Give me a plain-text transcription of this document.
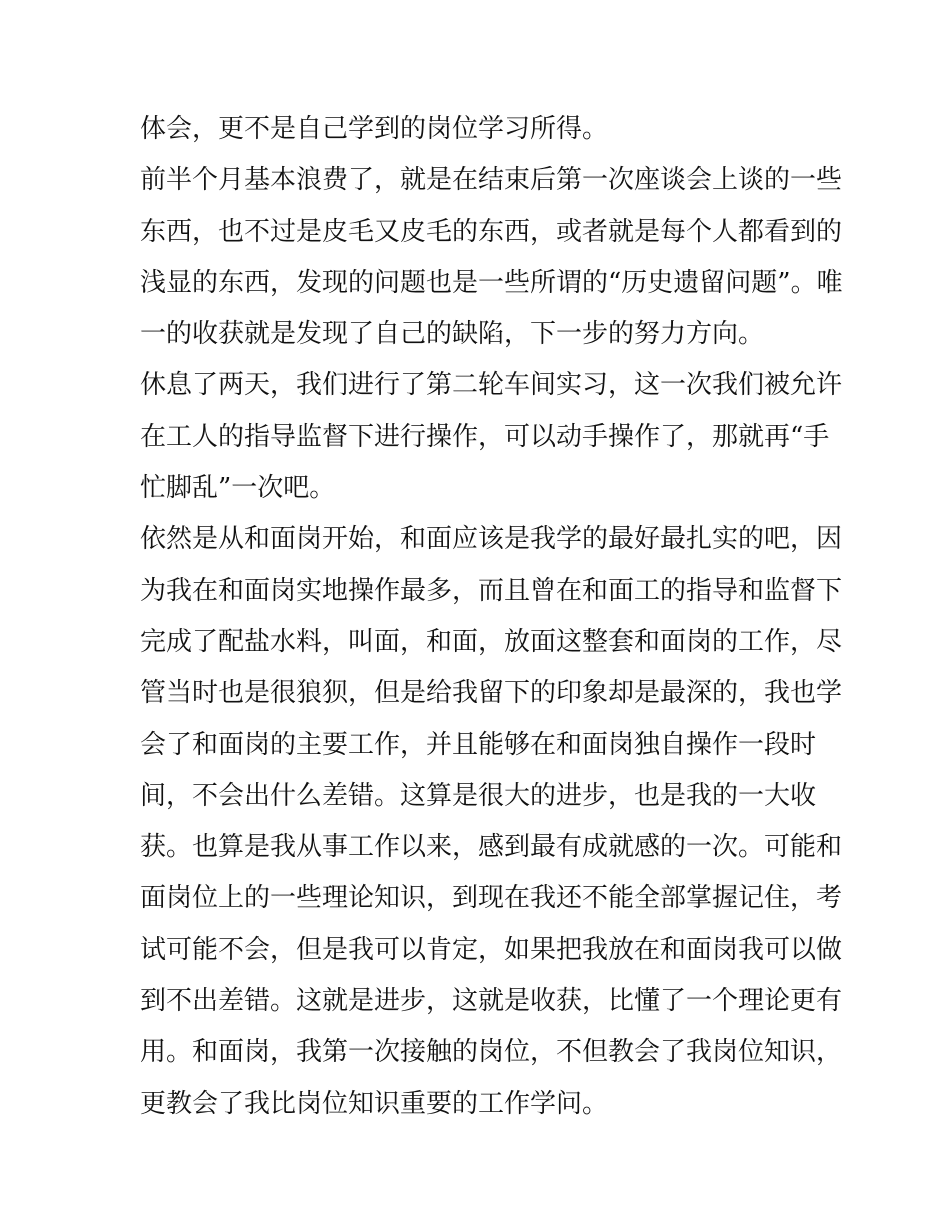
体会，更不是自己学到的岗位学习所得。
前半个月基本浪费了，就是在结束后第一次座谈会上谈的一些
东西，也不过是皮毛又皮毛的东西，或者就是每个人都看到的
浅显的东西，发现的问题也是一些所谓的“历史遗留问题”。唯
一的收获就是发现了自己的缺陷，下一步的努力方向。
休息了两天，我们进行了第二轮车间实习，这一次我们被允许
在工人的指导监督下进行操作，可以动手操作了，那就再“手
忙脚乱”一次吧。
依然是从和面岗开始，和面应该是我学的最好最扎实的吧，因
为我在和面岗实地操作最多，而且曾在和面工的指导和监督下
完成了配盐水料，叫面，和面，放面这整套和面岗的工作，尽
管当时也是很狼狈，但是给我留下的印象却是最深的，我也学
会了和面岗的主要工作，并且能够在和面岗独自操作一段时
间，不会出什么差错。这算是很大的进步，也是我的一大收
获。也算是我从事工作以来，感到最有成就感的一次。可能和
面岗位上的一些理论知识，到现在我还不能全部掌握记住，考
试可能不会，但是我可以肯定，如果把我放在和面岗我可以做
到不出差错。这就是进步，这就是收获，比懂了一个理论更有
用。和面岗，我第一次接触的岗位，不但教会了我岗位知识，
更教会了我比岗位知识重要的工作学问。
